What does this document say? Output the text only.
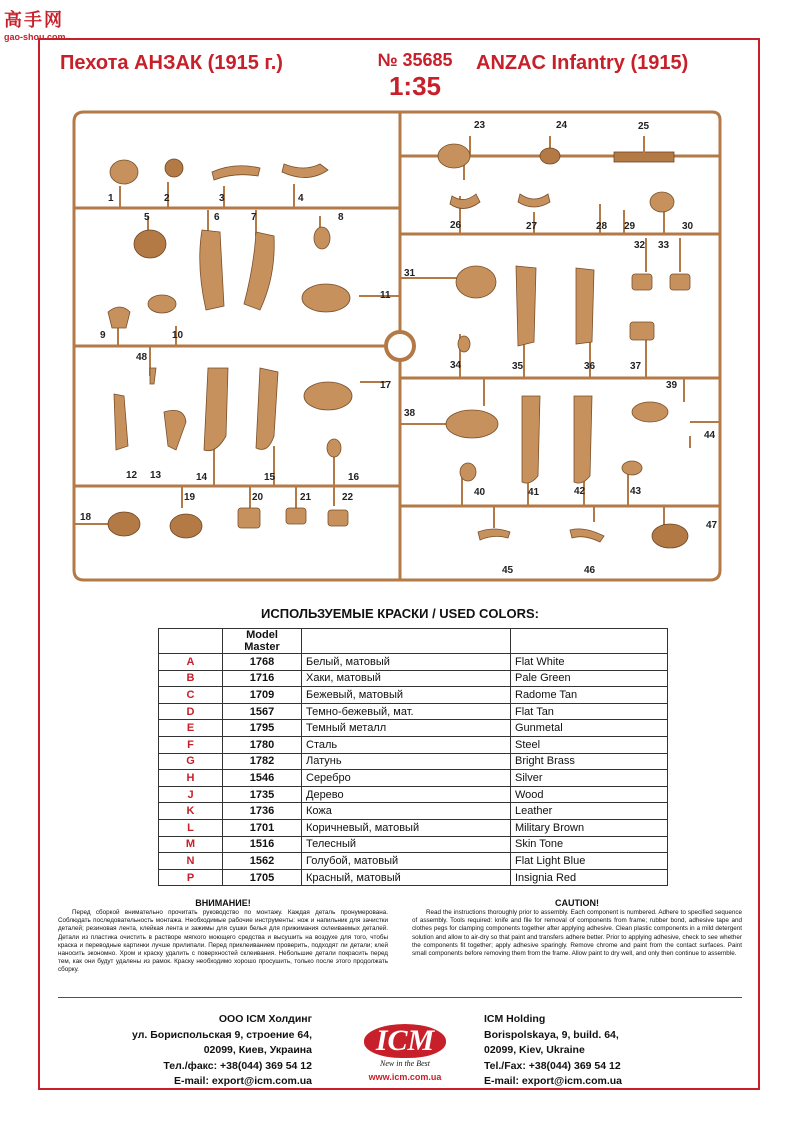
高手网
gao-shou.com
Пехота АНЗАК (1915 г.)	№ 35685
1:35
ANZAC Infantry (1915)
1	2	3	4
5	6	7	8
9	10
11
12 13	14	15	16
17
18
19	20	21	22
23	24	25
26	27	28 29	30
31
32 33
34	35	36	37
38
39
40	41	42	43
44
45	46
47
48
ИСПОЛЬЗУЕМЫЕ КРАСКИ / USED COLORS:
	Model Master		
A	1768	Белый, матовый	Flat White
B	1716	Хаки, матовый	Pale Green
C	1709	Бежевый, матовый	Radome Tan
D	1567	Темно-бежевый, мат.	Flat Tan
E	1795	Темный металл	Gunmetal
F	1780	Сталь	Steel
G	1782	Латунь	Bright Brass
H	1546	Серебро	Silver
J	1735	Дерево	Wood
K	1736	Кожа	Leather
L	1701	Коричневый, матовый	Military Brown
M	1516	Телесный	Skin Tone
N	1562	Голубой, матовый	Flat Light Blue
P	1705	Красный, матовый	Insignia Red
ВНИМАНИЕ!

Перед сборкой внимательно прочитать руководство по монтажу. Каждая деталь пронумерована. Соблюдать последовательность монтажа. Необходимые рабочие инструменты: нож и напильник для зачистки деталей; резиновая лента, клейкая лента и зажимы для сушки белья для прижимания склеиваемых деталей. Детали из пластика очистить в растворе мягкого моющего средства и высушить на воздухе для того, чтобы краска и переводные картинки лучше прилипали. Перед приклеиванием проверить, подходят ли детали; клей наносить экономно. Хром и краску удалить с поверхностей склеивания. Небольшие детали покрасить перед тем, как они будут удалены из рамок. Краску необходимо хорошо просушить, только после этого продолжать сборку.

CAUTION!

Read the instructions thoroughly prior to assembly. Each component is numbered. Adhere to specified sequence of assembly. Tools required: knife and file for removal of components from frame; rubber bond, adhesive tape and clothes pegs for clamping components together after applying adhesive. Clean plastic components in a mild detergent solution and allow to air-dry so that paint and transfers adhere better. Prior to applying adhesive, check to see whether the components fit together; apply adhesive sparingly. Remove chrome and paint from the contact surfaces. Paint small components before removing them from the frame. Allow paint to dry well, and only then continue to assemble.

ООО ICM Холдинг
ул. Бориспольская 9, строение 64,
02099, Киев, Украина
Тел./факс: +38(044) 369 54 12
E-mail: export@icm.com.ua
ICM
New in the Best
www.icm.com.ua
ICM Holding
Borispolskaya, 9, build. 64,
02099, Kiev, Ukraine
Tel./Fax: +38(044) 369 54 12
E-mail: export@icm.com.ua
